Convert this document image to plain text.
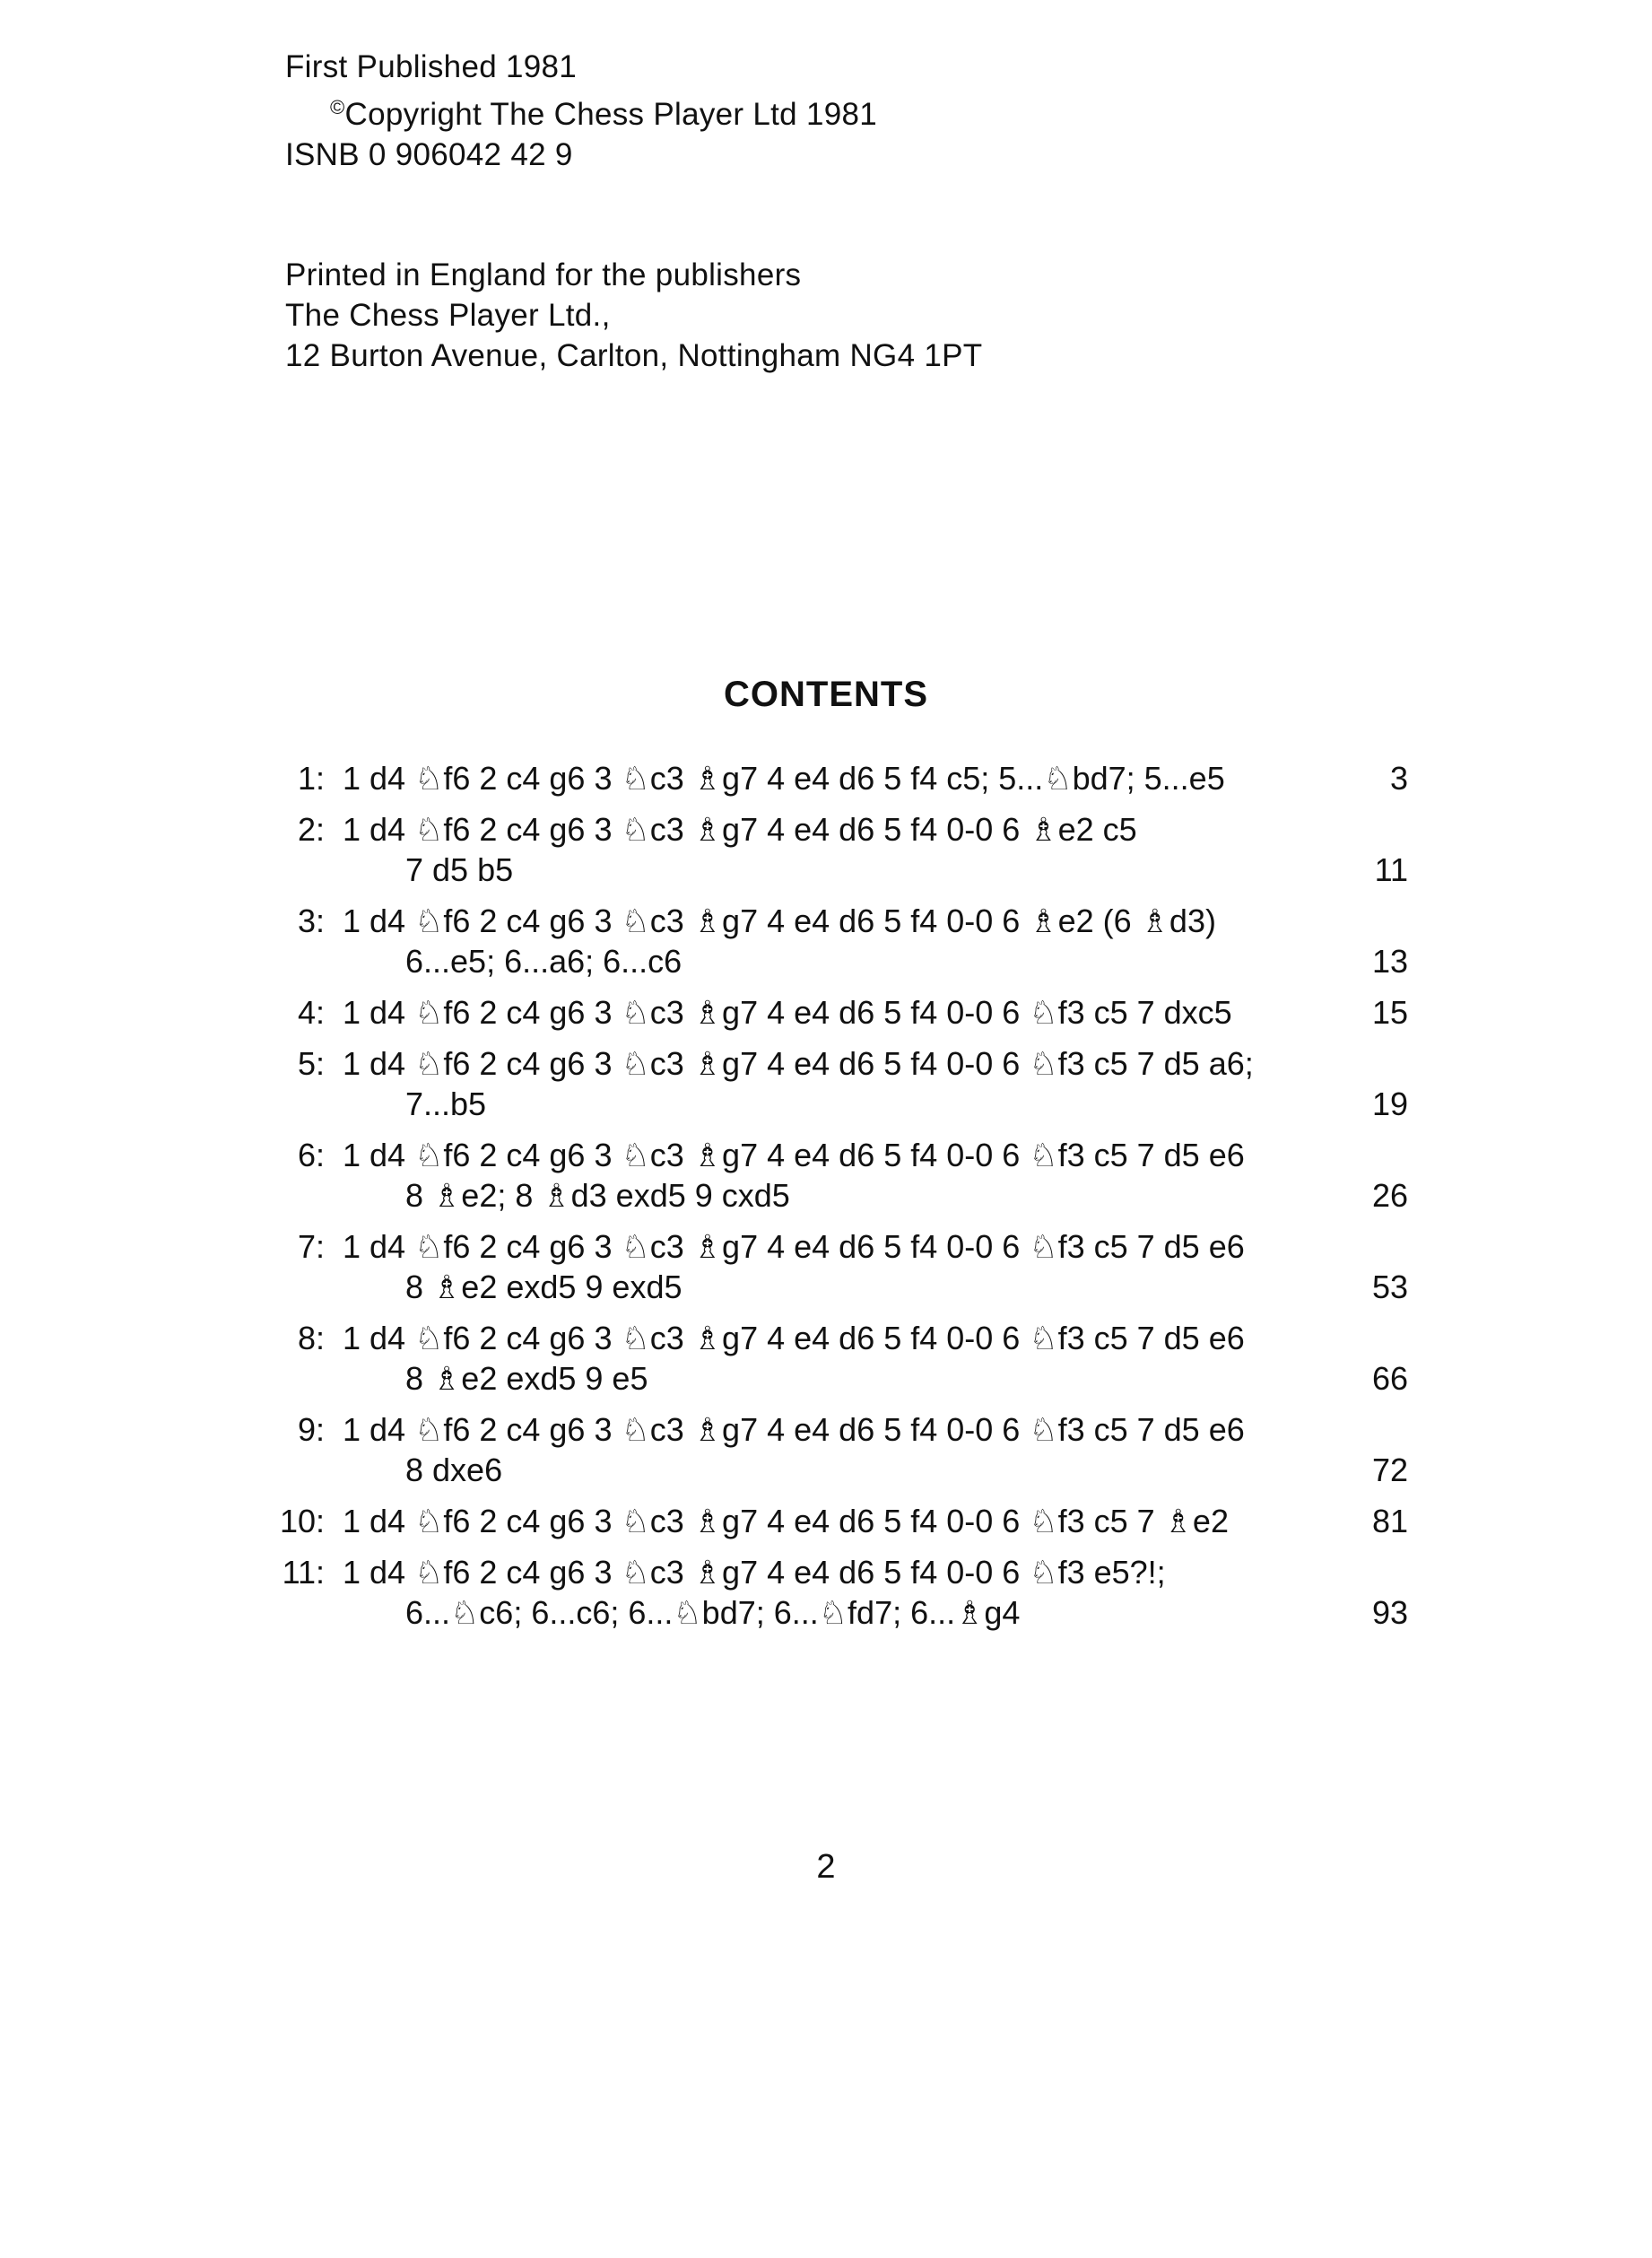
First Published 1981
©Copyright The Chess Player Ltd 1981
ISNB 0 906042 42 9
Printed in England for the publishers
The Chess Player Ltd.,
12 Burton Avenue, Carlton, Nottingham NG4 1PT
CONTENTS
1: 1 d4 ♘f6 2 c4 g6 3 ♘c3 ♗g7 4 e4 d6 5 f4 c5; 5...♘bd7; 5...e5	3
2: 1 d4 ♘f6 2 c4 g6 3 ♘c3 ♗g7 4 e4 d6 5 f4 0-0 6 ♗e2 c5
7 d5 b5	11
3: 1 d4 ♘f6 2 c4 g6 3 ♘c3 ♗g7 4 e4 d6 5 f4 0-0 6 ♗e2 (6 ♗d3)
6...e5; 6...a6; 6...c6	13
4: 1 d4 ♘f6 2 c4 g6 3 ♘c3 ♗g7 4 e4 d6 5 f4 0-0 6 ♘f3 c5 7 dxc5	15
5: 1 d4 ♘f6 2 c4 g6 3 ♘c3 ♗g7 4 e4 d6 5 f4 0-0 6 ♘f3 c5 7 d5 a6;
7...b5	19
6: 1 d4 ♘f6 2 c4 g6 3 ♘c3 ♗g7 4 e4 d6 5 f4 0-0 6 ♘f3 c5 7 d5 e6
8 ♗e2; 8 ♗d3 exd5 9 cxd5	26
7: 1 d4 ♘f6 2 c4 g6 3 ♘c3 ♗g7 4 e4 d6 5 f4 0-0 6 ♘f3 c5 7 d5 e6
8 ♗e2 exd5 9 exd5	53
8: 1 d4 ♘f6 2 c4 g6 3 ♘c3 ♗g7 4 e4 d6 5 f4 0-0 6 ♘f3 c5 7 d5 e6
8 ♗e2 exd5 9 e5	66
9: 1 d4 ♘f6 2 c4 g6 3 ♘c3 ♗g7 4 e4 d6 5 f4 0-0 6 ♘f3 c5 7 d5 e6
8 dxe6	72
10: 1 d4 ♘f6 2 c4 g6 3 ♘c3 ♗g7 4 e4 d6 5 f4 0-0 6 ♘f3 c5 7 ♗e2	81
11: 1 d4 ♘f6 2 c4 g6 3 ♘c3 ♗g7 4 e4 d6 5 f4 0-0 6 ♘f3 e5?!;
6...♘c6; 6...c6; 6...♘bd7; 6...♘fd7; 6...♗g4	93
2
